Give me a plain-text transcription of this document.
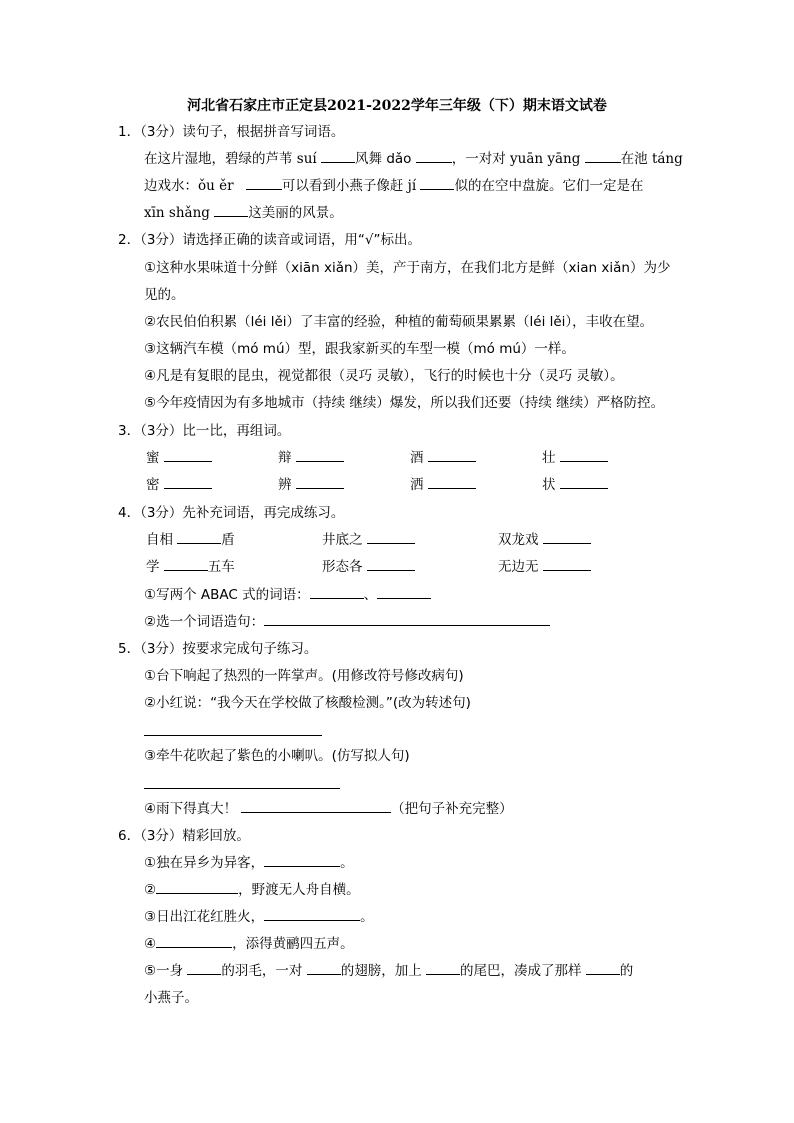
河北省石家庄市正定县2021-2022学年三年级（下）期末语文试卷
1．（3分）读句子，根据拼音写词语。
在这片湿地，碧绿的芦苇 suí	风舞 dǎo	，一对对 yuān yāng	在池 táng
边戏水：ǒu ěr	可以看到小燕子像赶 jí	似的在空中盘旋。它们一定是在
xīn shǎng	这美丽的风景。
2．（3分）请选择正确的读音或词语，用“√”标出。
①这种水果味道十分鲜（xiān xiǎn）美，产于南方，在我们北方是鲜（xian xiǎn）为少
见的。
②农民伯伯积累（léi lěi）了丰富的经验，种植的葡萄硕果累累（léi lěi），丰收在望。
③这辆汽车模（mó mú）型，跟我家新买的车型一模（mó mú）一样。
④凡是有复眼的昆虫，视觉都很（灵巧 灵敏），飞行的时候也十分（灵巧 灵敏）。
⑤今年疫情因为有多地城市（持续 继续）爆发，所以我们还要（持续 继续）严格防控。
3．（3分）比一比，再组词。
蜜	辩	酒	壮
密	辨	洒	状
4．（3分）先补充词语，再完成练习。
自相	盾	井底之	双龙戏
学	五车	形态各	无边无
①写两个 ABAC 式的词语：	、
②选一个词语造句：
5．（3分）按要求完成句子练习。
①台下响起了热烈的一阵掌声。(用修改符号修改病句)
②小红说：“我今天在学校做了核酸检测。”(改为转述句)
③牵牛花吹起了紫色的小喇叭。(仿写拟人句)
④雨下得真大！	（把句子补充完整）
6．（3分）精彩回放。
①独在异乡为异客，	。
②	，野渡无人舟自横。
③日出江花红胜火，	。
④	，添得黄鹂四五声。
⑤一身	的羽毛，一对	的翅膀，加上	的尾巴，凑成了那样	的
小燕子。
